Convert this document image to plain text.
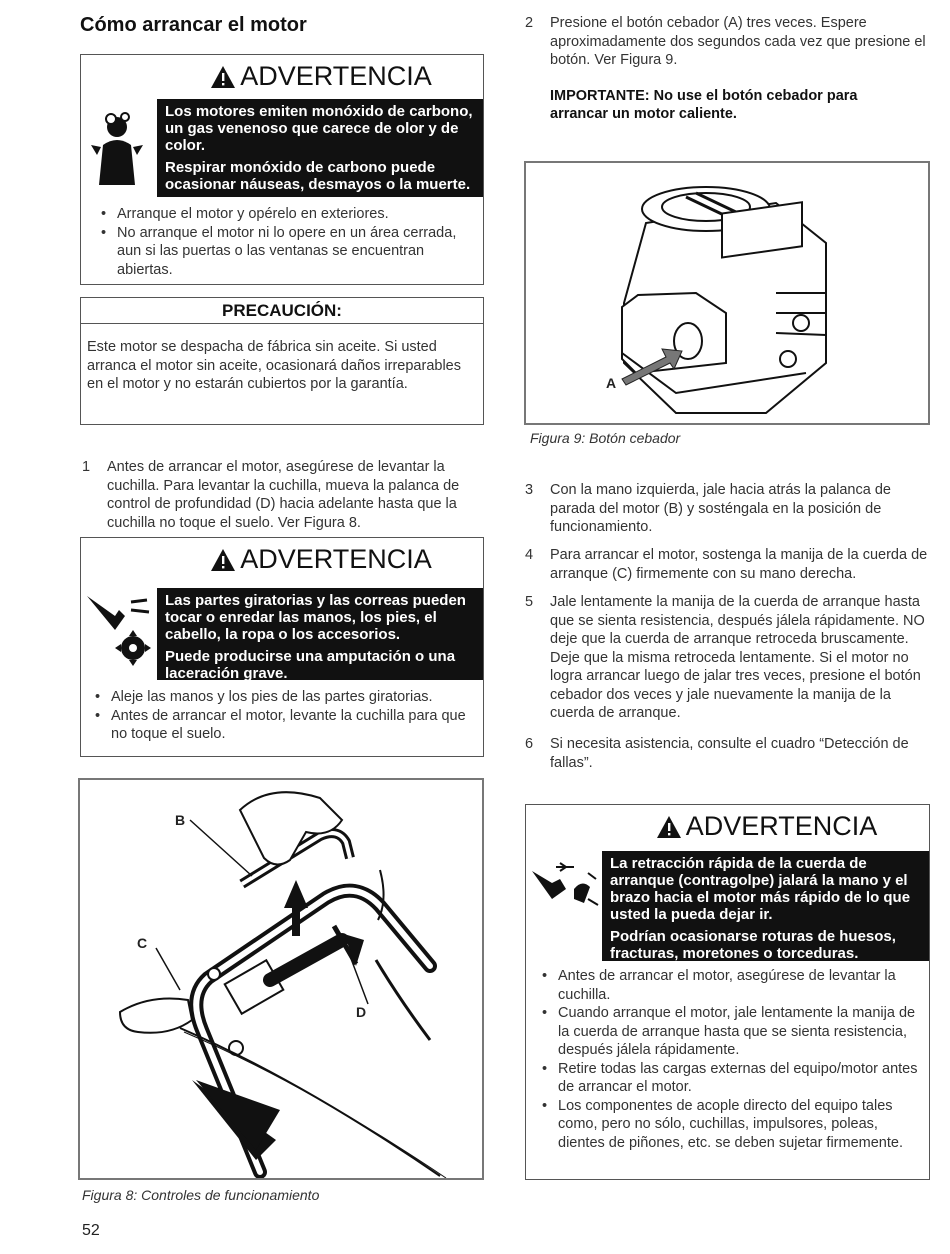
Cómo arrancar el motor
ADVERTENCIA

Los motores emiten monóxido de carbono, un gas venenoso que carece de olor y de color.

Respirar monóxido de carbono puede ocasionar náuseas, desmayos o la muerte.

• Arranque el motor y opérelo en exteriores.
• No arranque el motor ni lo opere en un área cerrada, aun si las puertas o las ventanas se encuentran abiertas.
PRECAUCIÓN:
Este motor se despacha de fábrica sin aceite. Si usted arranca el motor sin aceite, ocasionará daños irreparables en el motor y no estarán cubiertos por la garantía.
1	Antes de arrancar el motor, asegúrese de levantar la cuchilla. Para levantar la cuchilla, mueva la palanca de control de profundidad (D) hacia adelante hasta que la cuchilla no toque el suelo. Ver Figura 8.
ADVERTENCIA

Las partes giratorias y las correas pueden tocar o enredar las manos, los pies, el cabello, la ropa o los accesorios.

Puede producirse una amputación o una laceración grave.

• Aleje las manos y los pies de las partes giratorias.
• Antes de arrancar el motor, levante la cuchilla para que no toque el suelo.
B
C
D
Figura 8: Controles de funcionamiento
2	Presione el botón cebador (A) tres veces. Espere aproximadamente dos segundos cada vez que presione el botón. Ver Figura 9.
IMPORTANTE: No use el botón cebador para arrancar un motor caliente.
A
Figura 9: Botón cebador
3	Con la mano izquierda, jale hacia atrás la palanca de parada del motor (B) y sosténgala en la posición de funcionamiento.
4	Para arrancar el motor, sostenga la manija de la cuerda de arranque (C) firmemente con su mano derecha.
5	Jale lentamente la manija de la cuerda de arranque hasta que se sienta resistencia, después jálela rápidamente. NO deje que la cuerda de arranque retroceda bruscamente. Deje que la misma retroceda lentamente. Si el motor no logra arrancar luego de jalar tres veces, presione el botón cebador dos veces y jale nuevamente la manija de la cuerda de arranque.
6	Si necesita asistencia, consulte el cuadro “Detección de fallas”.
ADVERTENCIA

La retracción rápida de la cuerda de arranque (contragolpe) jalará la mano y el brazo hacia el motor más rápido de lo que usted la pueda dejar ir.

Podrían ocasionarse roturas de huesos, fracturas, moretones o torceduras.

• Antes de arrancar el motor, asegúrese de levantar la cuchilla.
• Cuando arranque el motor, jale lentamente la manija de la cuerda de arranque hasta que se sienta resistencia, después jálela rápidamente.
• Retire todas las cargas externas del equipo/motor antes de arrancar el motor.
• Los componentes de acople directo del equipo tales como, pero no sólo, cuchillas, impulsores, poleas, dientes de piñones, etc. se deben sujetar firmemente.
52
